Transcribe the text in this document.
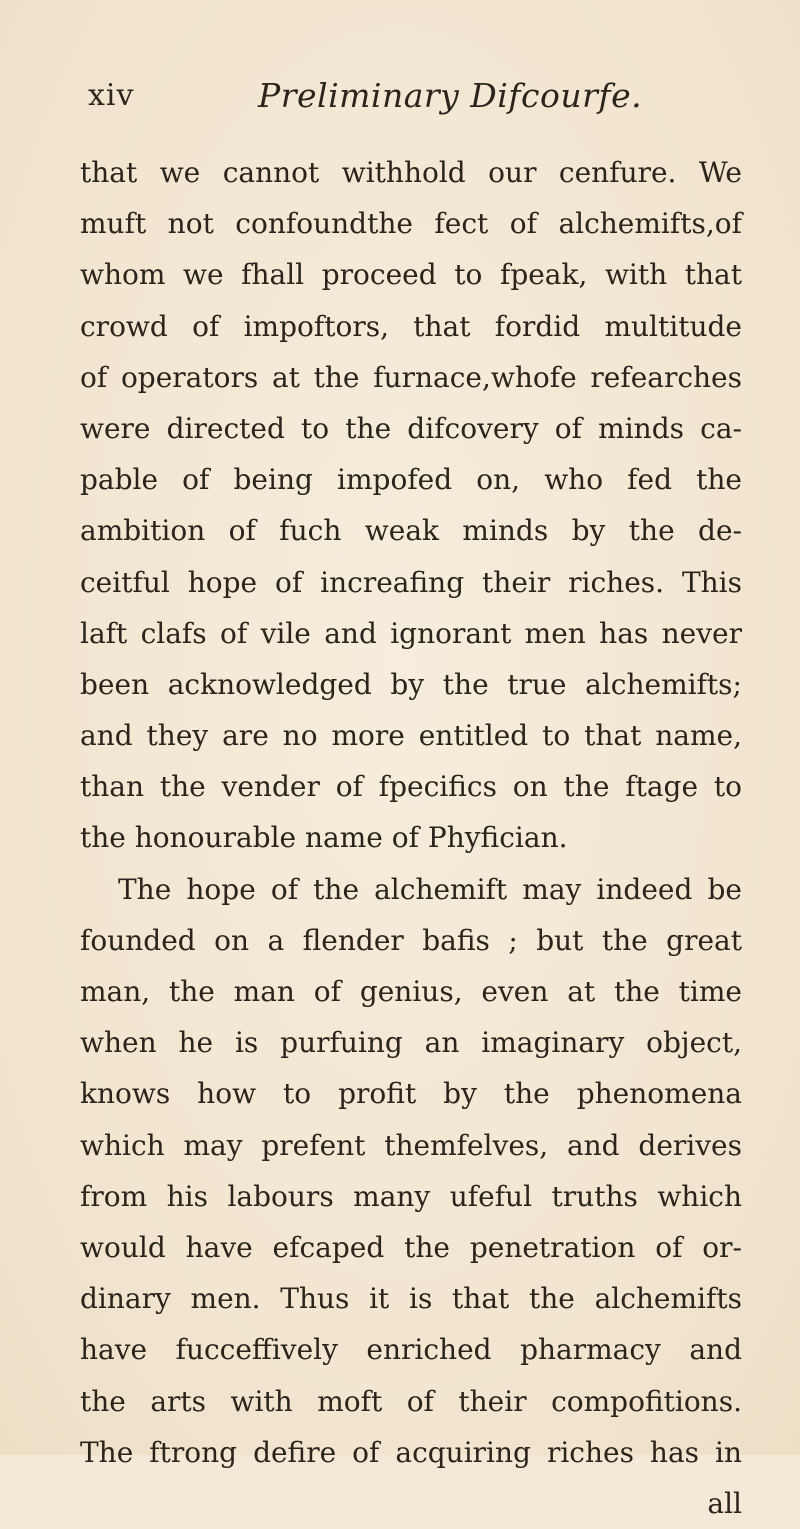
xiv	Preliminary Difcourfe.
that we cannot withhold our cenfure. We
muft not confoundthe fect of alchemifts,of
whom we fhall proceed to fpeak, with that
crowd of impoftors, that fordid multitude
of operators at the furnace,whofe refearches
were directed to the difcovery of minds ca-
pable of being impofed on, who fed the
ambition of fuch weak minds by the de-
ceitful hope of increafing their riches. This
laft clafs of vile and ignorant men has never
been acknowledged by the true alchemifts;
and they are no more entitled to that name,
than the vender of fpecifics on the ftage to
the honourable name of Phyfician.
The hope of the alchemift may indeed be
founded on a flender bafis ; but the great
man, the man of genius, even at the time
when he is purfuing an imaginary object,
knows how to profit by the phenomena
which may prefent themfelves, and derives
from his labours many ufeful truths which
would have efcaped the penetration of or-
dinary men. Thus it is that the alchemifts
have fucceffively enriched pharmacy and
the arts with moft of their compofitions.
The ftrong defire of acquiring riches has in
all
